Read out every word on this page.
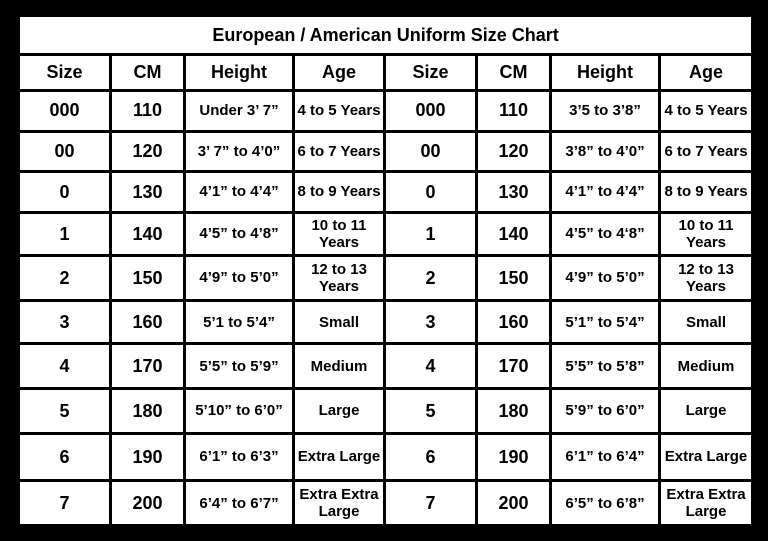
European / American Uniform Size Chart							
Size	CM	Height	Age	Size	CM	Height	Age
000	110	Under 3’ 7”	4 to 5 Years	000	110	3’5 to 3’8”	4 to 5 Years
00	120	3’ 7” to 4’0”	6 to 7 Years	00	120	3’8” to 4’0”	6 to 7 Years
0	130	4’1” to 4’4”	8 to 9 Years	0	130	4’1” to 4’4”	8 to 9 Years
1	140	4’5” to 4’8”	10 to 11 Years	1	140	4’5” to 4‘8”	10 to 11 Years
2	150	4’9” to 5’0”	12 to 13 Years	2	150	4’9” to 5’0”	12 to 13 Years
3	160	5’1 to 5’4”	Small	3	160	5’1” to 5’4”	Small
4	170	5’5” to 5’9”	Medium	4	170	5’5” to 5’8”	Medium
5	180	5’10” to 6’0”	Large	5	180	5’9” to 6’0”	Large
6	190	6’1” to 6’3”	Extra Large	6	190	6’1” to 6’4”	Extra Large
7	200	6’4” to 6’7”	Extra Extra Large	7	200	6’5” to 6’8”	Extra Extra Large
